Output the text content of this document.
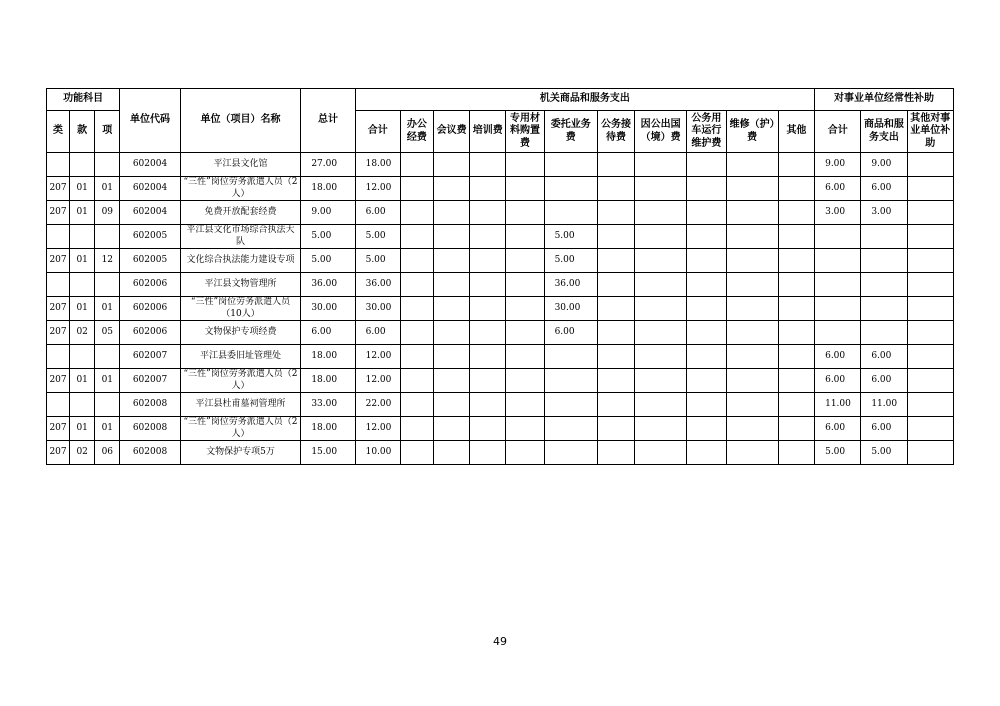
功能科目			单位代码	单位（项目）名称	总计	机关商品和服务支出											对事业单位经常性补助		
类	款	项				合计	办公经费	会议费	培训费	专用材料购置费	委托业务费	公务接待费	因公出国（境）费	公务用车运行维护费	维修（护）费	其他	合计	商品和服务支出	其他对事业单位补助
			602004	平江县文化馆	27.00	18.00											9.00	9.00	
207	01	01	602004	“三性”岗位劳务派遣人员（2人）	18.00	12.00											6.00	6.00	
207	01	09	602004	免费开放配套经费	9.00	6.00											3.00	3.00	
			602005	平江县文化市场综合执法大队	5.00	5.00					5.00								
207	01	12	602005	文化综合执法能力建设专项	5.00	5.00					5.00								
			602006	平江县文物管理所	36.00	36.00					36.00								
207	01	01	602006	“三性”岗位劳务派遣人员（10人）	30.00	30.00					30.00								
207	02	05	602006	文物保护专项经费	6.00	6.00					6.00								
			602007	平江县委旧址管理处	18.00	12.00											6.00	6.00	
207	01	01	602007	“三性”岗位劳务派遣人员（2人）	18.00	12.00											6.00	6.00	
			602008	平江县杜甫墓祠管理所	33.00	22.00											11.00	11.00	
207	01	01	602008	“三性”岗位劳务派遣人员（2人）	18.00	12.00											6.00	6.00	
207	02	06	602008	文物保护专项5万	15.00	10.00											5.00	5.00	
49
